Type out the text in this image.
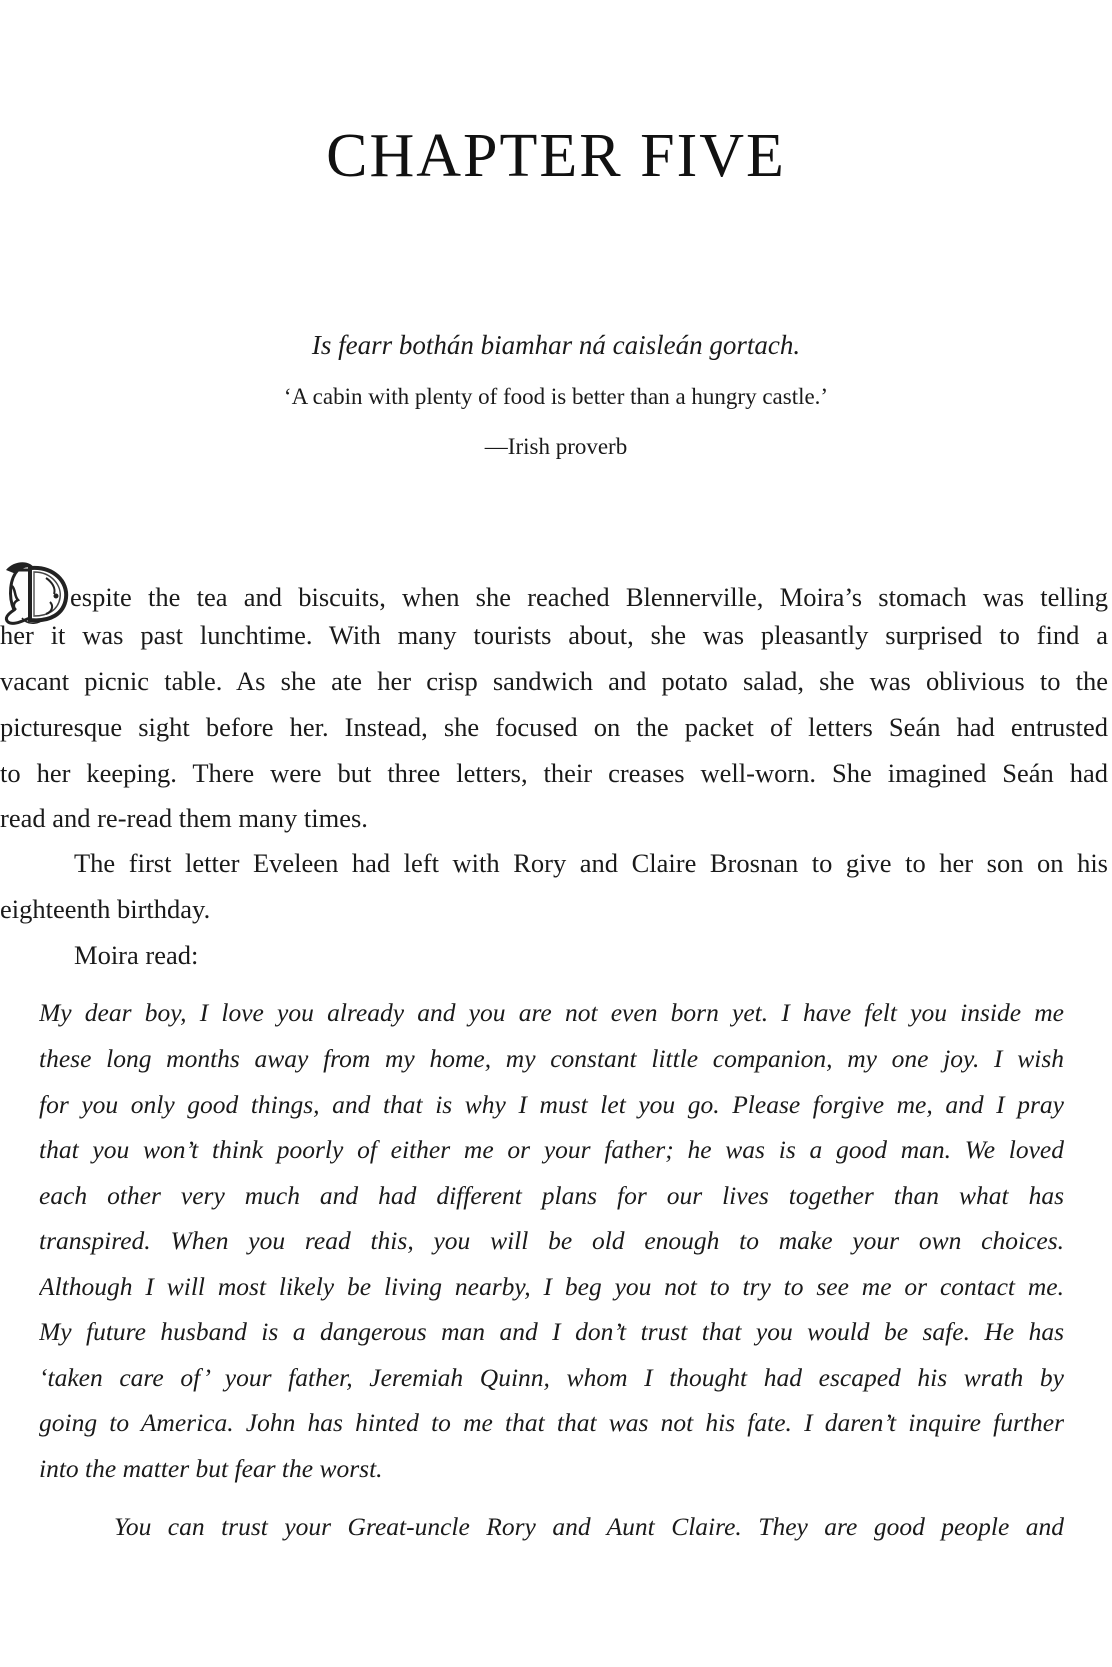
CHAPTER FIVE

Is fearr bothán biamhar ná caisleán gortach.

‘A cabin with plenty of food is better than a hungry castle.’

—Irish proverb

espite the tea and biscuits, when she reached Blennerville, Moira’s stomach was telling

her it was past lunchtime. With many tourists about, she was pleasantly surprised to find a

vacant picnic table. As she ate her crisp sandwich and potato salad, she was oblivious to the

picturesque sight before her. Instead, she focused on the packet of letters Seán had entrusted

to her keeping. There were but three letters, their creases well-worn. She imagined Seán had

read and re-read them many times.

The first letter Eveleen had left with Rory and Claire Brosnan to give to her son on his

eighteenth birthday.

Moira read:

My dear boy, I love you already and you are not even born yet. I have felt you inside me

these long months away from my home, my constant little companion, my one joy. I wish

for you only good things, and that is why I must let you go. Please forgive me, and I pray

that you won’t think poorly of either me or your father; he was is a good man. We loved

each other very much and had different plans for our lives together than what has

transpired. When you read this, you will be old enough to make your own choices.

Although I will most likely be living nearby, I beg you not to try to see me or contact me.

My future husband is a dangerous man and I don’t trust that you would be safe. He has

‘taken care of’ your father, Jeremiah Quinn, whom I thought had escaped his wrath by

going to America. John has hinted to me that that was not his fate. I daren’t inquire further

into the matter but fear the worst.

You can trust your Great-uncle Rory and Aunt Claire. They are good people and
